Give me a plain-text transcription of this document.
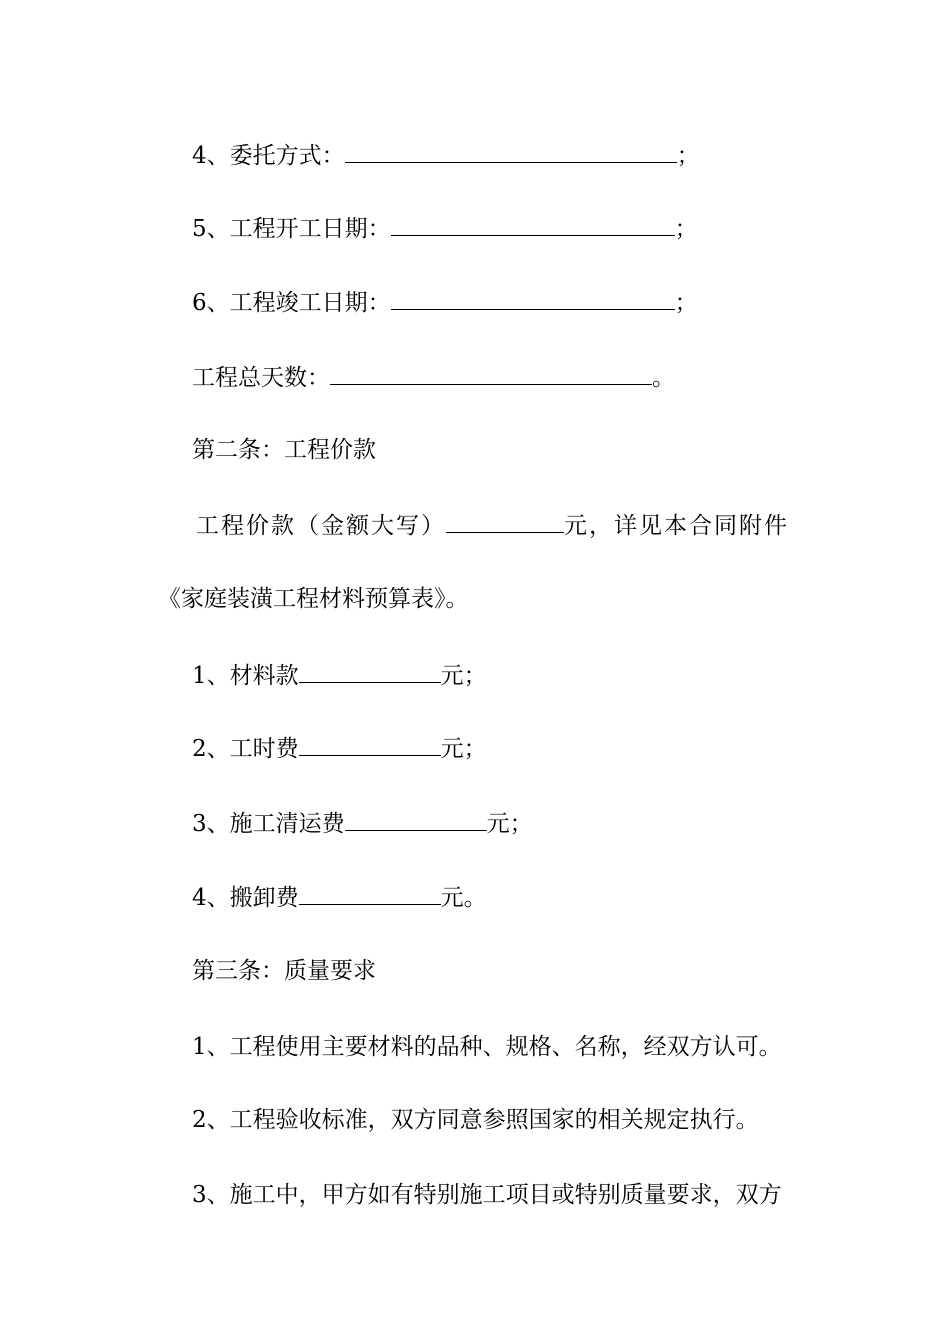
4、委托方式：	；
5、工程开工日期：	；
6、工程竣工日期：	；
工程总天数：	。
第二条：工程价款
工程价款（金额大写）	元，详见本合同附件
《家庭装潢工程材料预算表》。
1、材料款	元；
2、工时费	元；
3、施工清运费	元；
4、搬卸费	元。
第三条：质量要求
1、工程使用主要材料的品种、规格、名称，经双方认可。
2、工程验收标准，双方同意参照国家的相关规定执行。
3、施工中，甲方如有特别施工项目或特别质量要求，双方
